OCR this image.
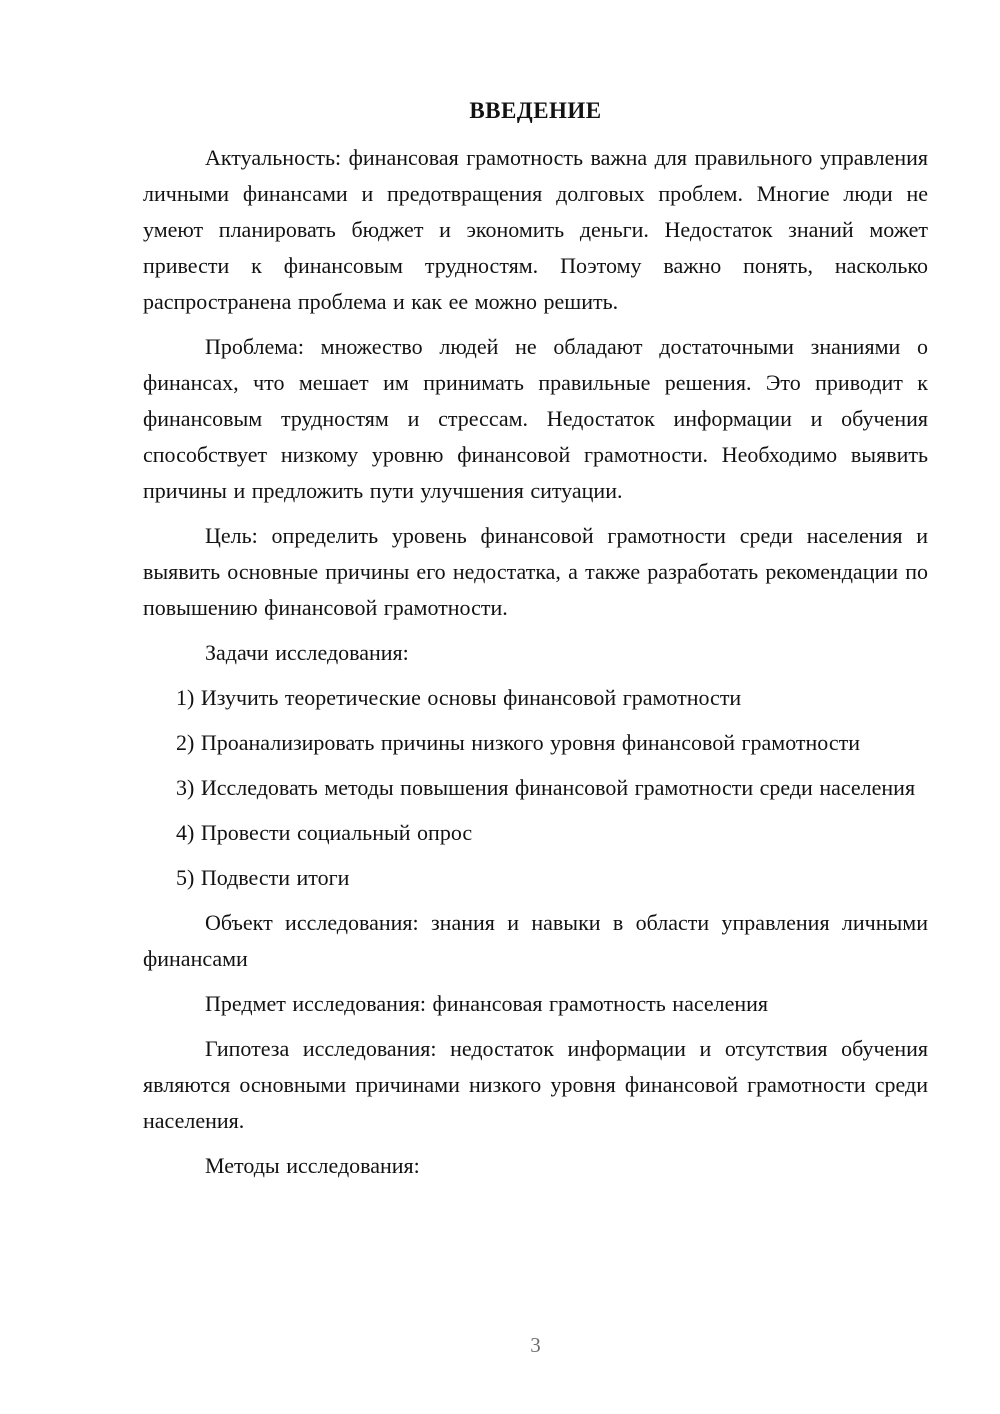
ВВЕДЕНИЕ

Актуальность: финансовая грамотность важна для правильного управления личными финансами и предотвращения долговых проблем. Многие люди не умеют планировать бюджет и экономить деньги. Недостаток знаний может привести к финансовым трудностям. Поэтому важно понять, насколько распространена проблема и как ее можно решить.

Проблема: множество людей не обладают достаточными знаниями о финансах, что мешает им принимать правильные решения. Это приводит к финансовым трудностям и стрессам. Недостаток информации и обучения способствует низкому уровню финансовой грамотности. Необходимо выявить причины и предложить пути улучшения ситуации.

Цель: определить уровень финансовой грамотности среди населения и выявить основные причины его недостатка, а также разработать рекомендации по повышению финансовой грамотности.

Задачи исследования:

1) Изучить теоретические основы финансовой грамотности

2) Проанализировать причины низкого уровня финансовой грамотности

3) Исследовать методы повышения финансовой грамотности среди населения

4) Провести социальный опрос

5) Подвести итоги

Объект исследования: знания и навыки в области управления личными финансами

Предмет исследования: финансовая грамотность населения

Гипотеза исследования: недостаток информации и отсутствия обучения являются основными причинами низкого уровня финансовой грамотности среди населения.

Методы исследования:

3
